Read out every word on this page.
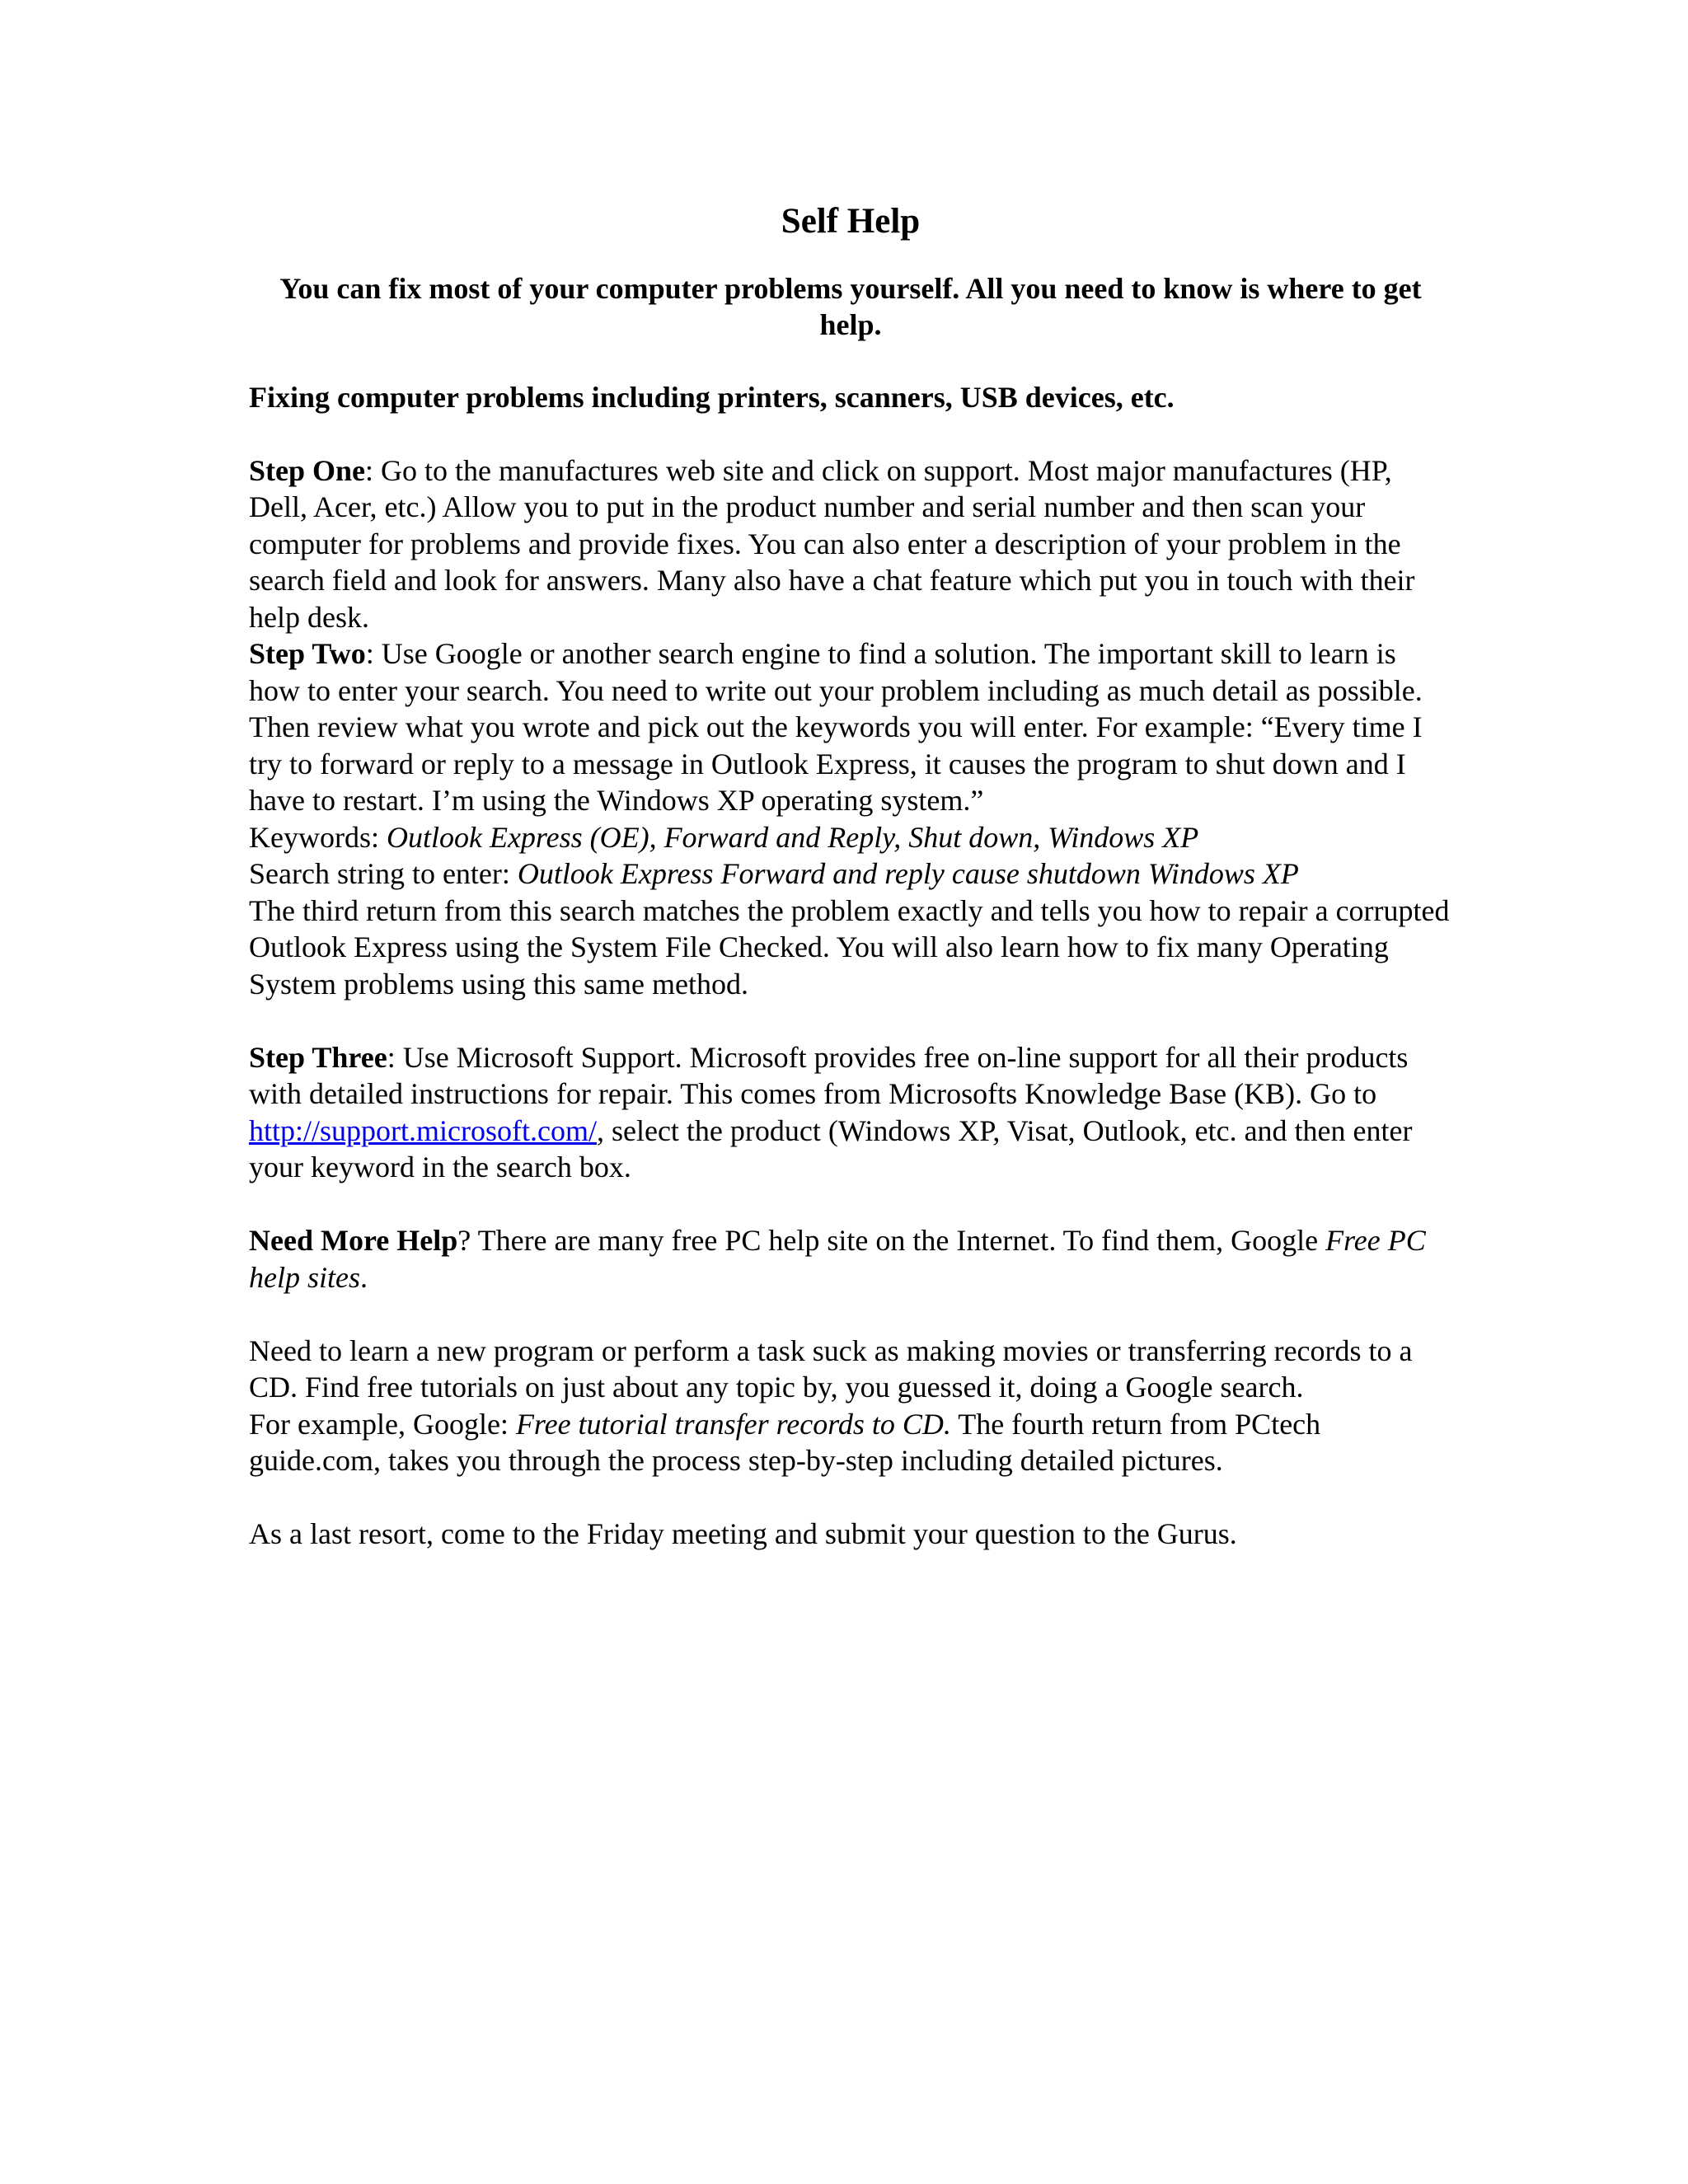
Self Help
You can fix most of your computer problems yourself. All you need to know is where to get help.
Fixing computer problems including printers, scanners, USB devices, etc.

Step One: Go to the manufactures web site and click on support. Most major manufactures (HP, Dell, Acer, etc.) Allow you to put in the product number and serial number and then scan your computer for problems and provide fixes. You can also enter a description of your problem in the search field and look for answers. Many also have a chat feature which put you in touch with their help desk.

Step Two: Use Google or another search engine to find a solution. The important skill to learn is how to enter your search. You need to write out your problem including as much detail as possible. Then review what you wrote and pick out the keywords you will enter. For example: “Every time I try to forward or reply to a message in Outlook Express, it causes the program to shut down and I have to restart. I’m using the Windows XP operating system.”

Keywords: Outlook Express (OE), Forward and Reply, Shut down, Windows XP

Search string to enter: Outlook Express Forward and reply cause shutdown Windows XP

The third return from this search matches the problem exactly and tells you how to repair a corrupted Outlook Express using the System File Checked. You will also learn how to fix many Operating System problems using this same method.

Step Three: Use Microsoft Support. Microsoft provides free on-line support for all their products with detailed instructions for repair. This comes from Microsofts Knowledge Base (KB). Go to http://support.microsoft.com/, select the product (Windows XP, Visat, Outlook, etc. and then enter your keyword in the search box.

Need More Help? There are many free PC help site on the Internet. To find them, Google Free PC help sites.

Need to learn a new program or perform a task suck as making movies or transferring records to a CD. Find free tutorials on just about any topic by, you guessed it, doing a Google search.

For example, Google: Free tutorial transfer records to CD. The fourth return from PCtech guide.com, takes you through the process step-by-step including detailed pictures.

As a last resort, come to the Friday meeting and submit your question to the Gurus.
